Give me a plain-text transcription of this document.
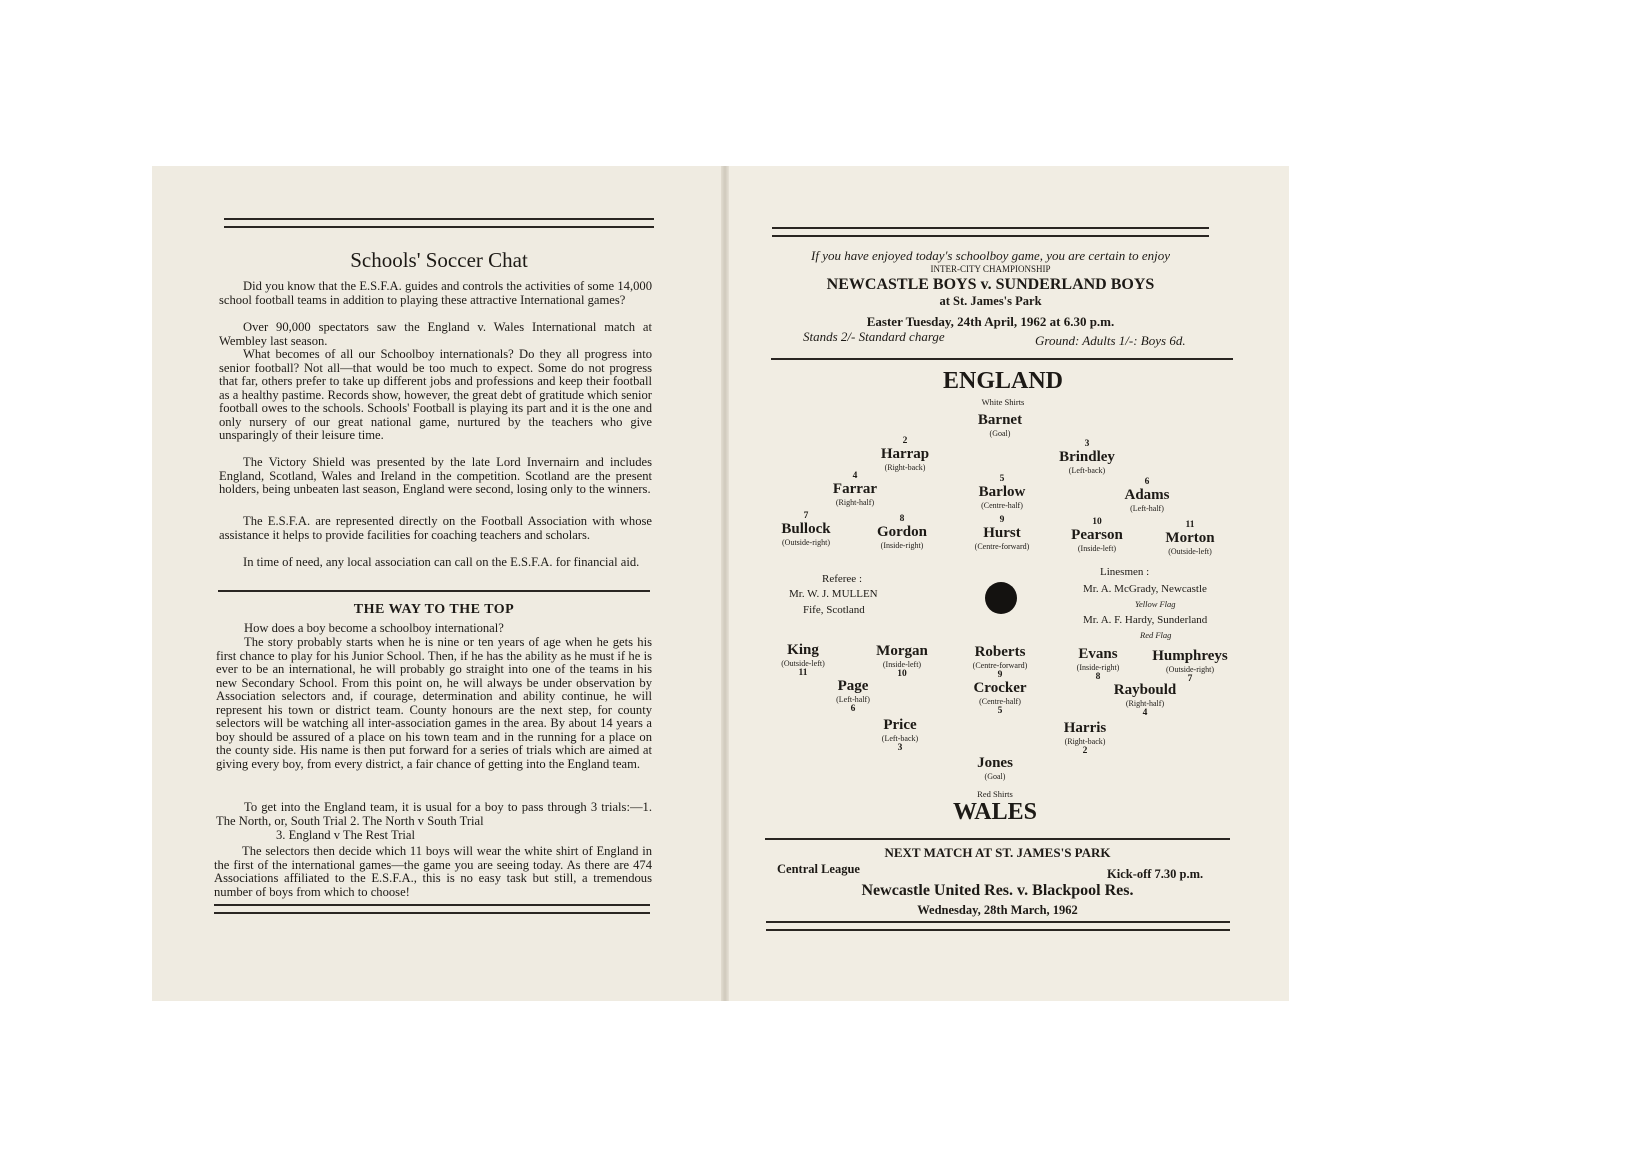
Schools' Soccer Chat
Did you know that the E.S.F.A. guides and controls the activities of some 14,000 school football teams in addition to playing these attractive International games?
Over 90,000 spectators saw the England v. Wales International match at Wembley last season.
What becomes of all our Schoolboy internationals? Do they all progress into senior football? Not all—that would be too much to expect. Some do not progress that far, others prefer to take up different jobs and professions and keep their football as a healthy pastime. Records show, however, the great debt of gratitude which senior football owes to the schools. Schools' Football is playing its part and it is the one and only nursery of our great national game, nurtured by the teachers who give unsparingly of their leisure time.
The Victory Shield was presented by the late Lord Invernairn and includes England, Scotland, Wales and Ireland in the competition. Scotland are the present holders, being unbeaten last season, England were second, losing only to the winners.
The E.S.F.A. are represented directly on the Football Association with whose assistance it helps to provide facilities for coaching teachers and scholars.
In time of need, any local association can call on the E.S.F.A. for financial aid.
THE WAY TO THE TOP
How does a boy become a schoolboy international?
The story probably starts when he is nine or ten years of age when he gets his first chance to play for his Junior School. Then, if he has the ability as he must if he is ever to be an international, he will probably go straight into one of the teams in his new Secondary School. From this point on, he will always be under observation by Association selectors and, if courage, determination and ability continue, he will represent his town or district team. County honours are the next step, for county selectors will be watching all inter-association games in the area. By about 14 years a boy should be assured of a place on his town team and in the running for a place on the county side. His name is then put forward for a series of trials which are aimed at giving every boy, from every district, a fair chance of getting into the England team.
To get into the England team, it is usual for a boy to pass through 3 trials:—1. The North, or, South Trial 2. The North v South Trial
3. England v The Rest Trial
The selectors then decide which 11 boys will wear the white shirt of England in the first of the international games—the game you are seeing today. As there are 474 Associations affiliated to the E.S.F.A., this is no easy task but still, a tremendous number of boys from which to choose!
If you have enjoyed today's schoolboy game, you are certain to enjoy
INTER-CITY CHAMPIONSHIP
NEWCASTLE BOYS v. SUNDERLAND BOYS
at St. James's Park
Easter Tuesday, 24th April, 1962 at 6.30 p.m.
Stands 2/- Standard charge	Ground: Adults 1/-: Boys 6d.
ENGLAND
White Shirts
Barnet
(Goal)
2
Harrap
(Right-back)
3
Brindley
(Left-back)
4
Farrar
(Right-half)
5
Barlow
(Centre-half)
6
Adams
(Left-half)
7
Bullock
(Outside-right)
8
Gordon
(Inside-right)
9
Hurst
(Centre-forward)
10
Pearson
(Inside-left)
11
Morton
(Outside-left)
Referee :
Mr. W. J. MULLEN
Fife, Scotland
Linesmen :
Mr. A. McGrady, Newcastle
Yellow Flag
Mr. A. F. Hardy, Sunderland
Red Flag
King
(Outside-left)
11
Morgan
(Inside-left)
10
Roberts
(Centre-forward)
9
Evans
(Inside-right)
8
Humphreys
(Outside-right)
7
Page
(Left-half)
6
Crocker
(Centre-half)
5
Raybould
(Right-half)
4
Price
(Left-back)
3
Harris
(Right-back)
2
Jones
(Goal)
Red Shirts
WALES
NEXT MATCH AT ST. JAMES'S PARK
Central League	Kick-off 7.30 p.m.
Newcastle United Res. v. Blackpool Res.
Wednesday, 28th March, 1962
